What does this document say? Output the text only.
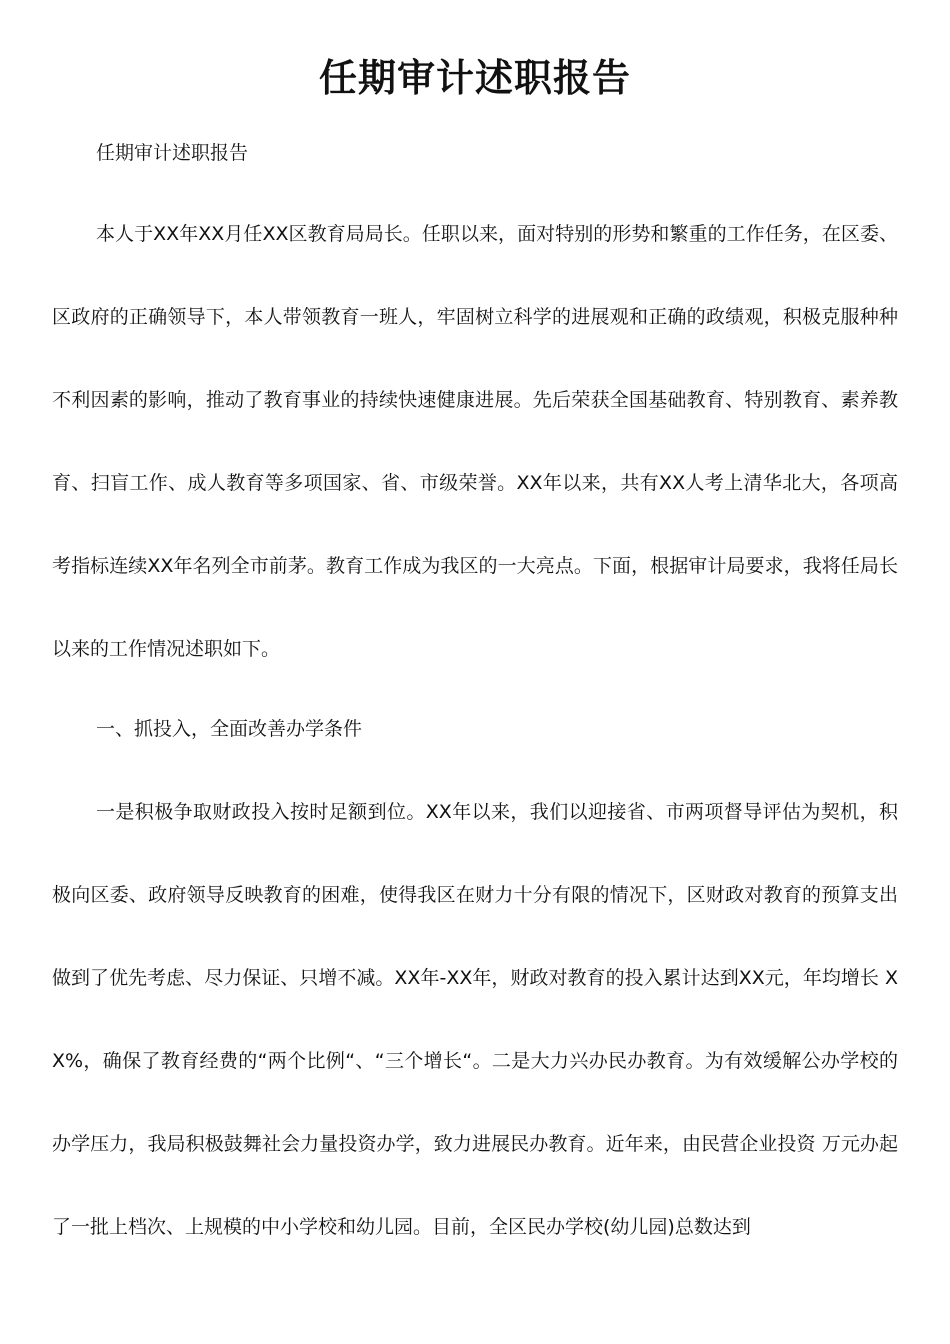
任期审计述职报告
任期审计述职报告

本人于XX年XX月任XX区教育局局长。任职以来，面对特别的形势和繁重的工作任务，在区委、区政府的正确领导下，本人带领教育一班人，牢固树立科学的进展观和正确的政绩观，积极克服种种不利因素的影响，推动了教育事业的持续快速健康进展。先后荣获全国基础教育、特别教育、素养教育、扫盲工作、成人教育等多项国家、省、市级荣誉。XX年以来，共有XX人考上清华北大，各项高考指标连续XX年名列全市前茅。教育工作成为我区的一大亮点。下面，根据审计局要求，我将任局长以来的工作情况述职如下。

一、抓投入，全面改善办学条件

一是积极争取财政投入按时足额到位。XX年以来，我们以迎接省、市两项督导评估为契机，积极向区委、政府领导反映教育的困难，使得我区在财力十分有限的情况下，区财政对教育的预算支出做到了优先考虑、尽力保证、只增不减。XX年-XX年，财政对教育的投入累计达到XX元，年均增长 XX%，确保了教育经费的“两个比例“、“三个增长“。二是大力兴办民办教育。为有效缓解公办学校的办学压力，我局积极鼓舞社会力量投资办学，致力进展民办教育。近年来，由民营企业投资 万元办起了一批上档次、上规模的中小学校和幼儿园。目前，全区民办学校(幼儿园)总数达到
